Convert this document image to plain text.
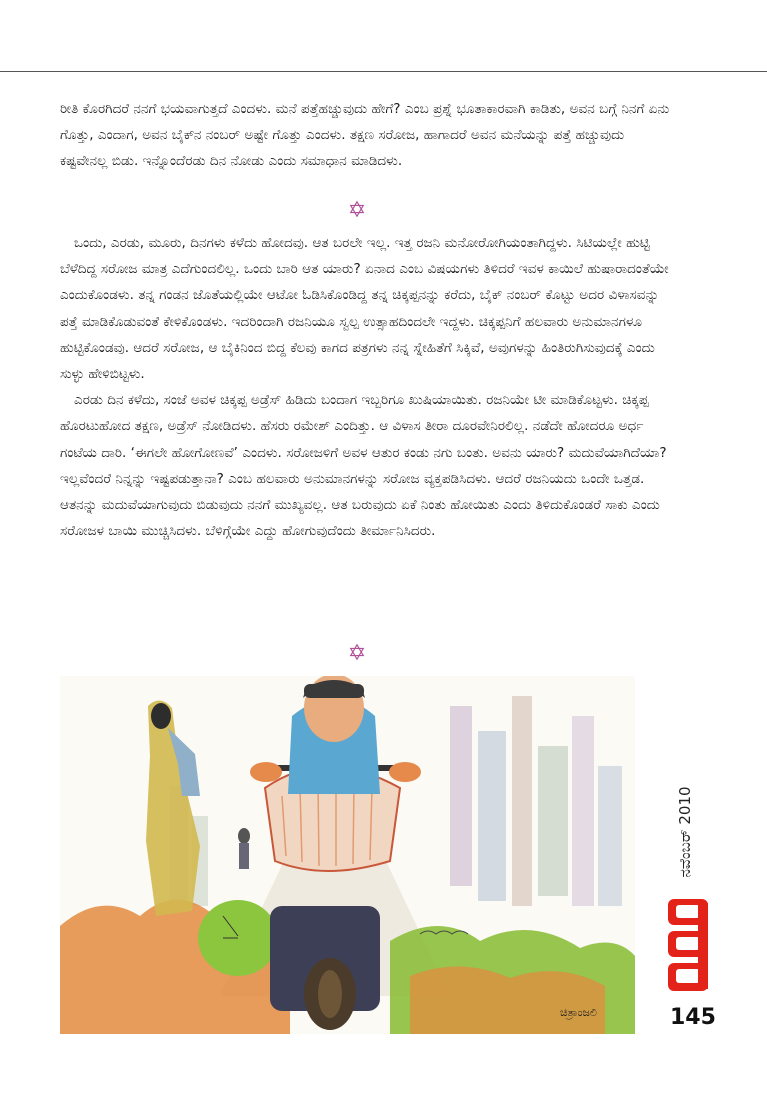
ರೀತಿ ಕೊರಗಿದರೆ ನನಗೆ ಭಯವಾಗುತ್ತದೆ ಎಂದಳು. ಮನೆ ಪತ್ತೆಹಚ್ಚುವುದು ಹೇಗೆ? ಎಂಬ ಪ್ರಶ್ನೆ ಭೂತಾಕಾರವಾಗಿ ಕಾಡಿತು, ಅವನ ಬಗ್ಗೆ ನಿನಗೆ ಏನು ಗೊತ್ತು, ಎಂದಾಗ, ಅವನ ಬೈಕ್‍ನ ನಂಬರ್ ಅಷ್ಟೇ ಗೊತ್ತು ಎಂದಳು. ತಕ್ಷಣ ಸರೋಜ, ಹಾಗಾದರೆ ಅವನ ಮನೆಯನ್ನು ಪತ್ತೆ ಹಚ್ಚುವುದು ಕಷ್ಟವೇನಲ್ಲ ಬಿಡು. ಇನ್ನೊಂದೆರಡು ದಿನ ನೋಡು ಎಂದು ಸಮಾಧಾನ ಮಾಡಿದಳು.

ಒಂದು, ಎರಡು, ಮೂರು, ದಿನಗಳು ಕಳೆದು ಹೋದವು. ಆತ ಬರಲೇ ಇಲ್ಲ. ಇತ್ತ ರಜನಿ ಮನೋರೋಗಿಯಂತಾಗಿದ್ದಳು. ಸಿಟಿಯಲ್ಲೇ ಹುಟ್ಟಿ ಬೆಳೆದಿದ್ದ ಸರೋಜ ಮಾತ್ರ ಎದೆಗುಂದಲಿಲ್ಲ. ಒಂದು ಬಾರಿ ಆತ ಯಾರು? ಏನಾದ ಎಂಬ ವಿಷಯಗಳು ತಿಳಿದರೆ ಇವಳ ಕಾಯಿಲೆ ಹುಷಾರಾದಂತೆಯೇ ಎಂದುಕೊಂಡಳು. ತನ್ನ ಗಂಡನ ಜೊತೆಯಲ್ಲಿಯೇ ಆಟೋ ಓಡಿಸಿಕೊಂಡಿದ್ದ ತನ್ನ ಚಿಕ್ಕಪ್ಪನನ್ನು ಕರೆದು, ಬೈಕ್ ನಂಬರ್ ಕೊಟ್ಟು ಅದರ ವಿಳಾಸವನ್ನು ಪತ್ತೆ ಮಾಡಿಕೊಡುವಂತೆ ಕೇಳಿಕೊಂಡಳು. ಇದರಿಂದಾಗಿ ರಜನಿಯೂ ಸ್ವಲ್ಪ ಉತ್ಸಾಹದಿಂದಲೇ ಇದ್ದಳು. ಚಿಕ್ಕಪ್ಪನಿಗೆ ಹಲವಾರು ಅನುಮಾನಗಳೂ ಹುಟ್ಟಿಕೊಂಡವು. ಆದರೆ ಸರೋಜ, ಆ ಬೈಕಿನಿಂದ ಬಿದ್ದ ಕೆಲವು ಕಾಗದ ಪತ್ರಗಳು ನನ್ನ ಸ್ನೇಹಿತೆಗೆ ಸಿಕ್ಕಿವೆ, ಅವುಗಳನ್ನು ಹಿಂತಿರುಗಿಸುವುದಕ್ಕೆ ಎಂದು ಸುಳ್ಳು ಹೇಳಿಬಿಟ್ಟಳು.

ಎರಡು ದಿನ ಕಳೆದು, ಸಂಜೆ ಅವಳ ಚಿಕ್ಕಪ್ಪ ಅಡ್ರೆಸ್ ಹಿಡಿದು ಬಂದಾಗ ಇಬ್ಬರಿಗೂ ಖುಷಿಯಾಯಿತು. ರಜನಿಯೇ ಟೀ ಮಾಡಿಕೊಟ್ಟಳು. ಚಿಕ್ಕಪ್ಪ ಹೊರಟುಹೋದ ತಕ್ಷಣ, ಅಡ್ರೆಸ್ ನೋಡಿದಳು. ಹೆಸರು ರಮೇಶ್ ಎಂದಿತ್ತು. ಆ ವಿಳಾಸ ತೀರಾ ದೂರವೇನಿರಲಿಲ್ಲ. ನಡೆದೇ ಹೋದರೂ ಅರ್ಧ ಗಂಟೆಯ ದಾರಿ. ‘ಈಗಲೇ ಹೋಗೋಣವೆ’ ಎಂದಳು. ಸರೋಜಳಿಗೆ ಅವಳ ಆತುರ ಕಂಡು ನಗು ಬಂತು. ಅವನು ಯಾರು? ಮದುವೆಯಾಗಿದೆಯಾ? ಇಲ್ಲವೆಂದರೆ ನಿನ್ನನ್ನು ಇಷ್ಟಪಡುತ್ತಾನಾ? ಎಂಬ ಹಲವಾರು ಅನುಮಾನಗಳನ್ನು ಸರೋಜ ವ್ಯಕ್ತಪಡಿಸಿದಳು. ಆದರೆ ರಜನಿಯದು ಒಂದೇ ಒತ್ತಡ. ಆತನನ್ನು ಮದುವೆಯಾಗುವುದು ಬಿಡುವುದು ನನಗೆ ಮುಖ್ಯವಲ್ಲ. ಆತ ಬರುವುದು ಏಕೆ ನಿಂತು ಹೋಯಿತು ಎಂದು ತಿಳಿದುಕೊಂಡರೆ ಸಾಕು ಎಂದು ಸರೋಜಳ ಬಾಯಿ ಮುಚ್ಚಿಸಿದಳು. ಬೆಳಿಗ್ಗೆಯೇ ಎದ್ದು ಹೋಗುವುದೆಂದು ತೀರ್ಮಾನಿಸಿದರು.

ಚಿತ್ರಾಂಜಲಿ
ನವೆಂಬರ್ 2010
145
